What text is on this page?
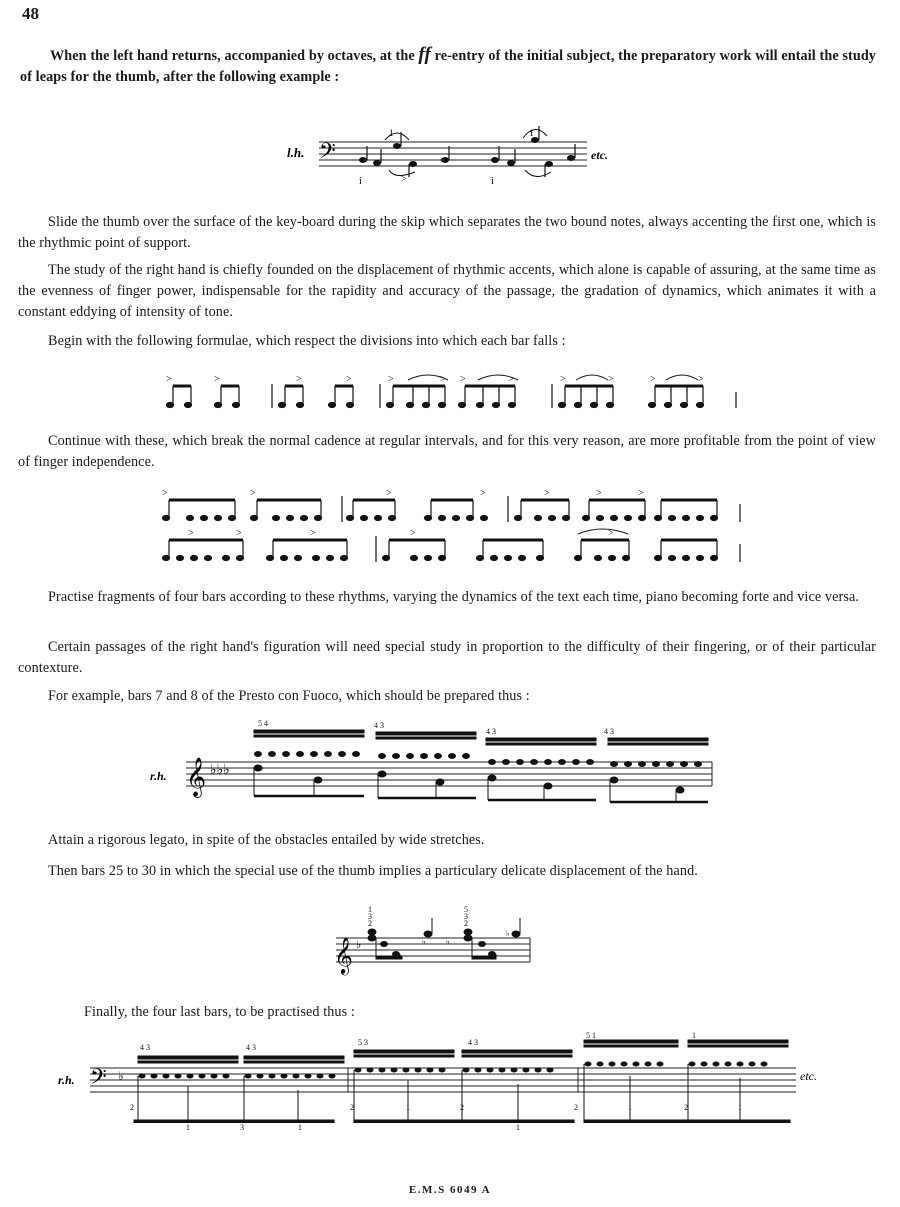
48
When the left hand returns, accompanied by octaves, at the ff re-entry of the initial subject, the preparatory work will entail the study of leaps for the thumb, after the following example :
l.h. 𝄢
1	1
i	i
>
etc.
Slide the thumb over the surface of the key-board during the skip which separates the two bound notes, always accenting the first one, which is the rhythmic point of support.
The study of the right hand is chiefly founded on the displacement of rhythmic accents, which alone is capable of assuring, at the same time as the evenness of finger power, indispensable for the rapidity and accuracy of the passage, the gradation of dynamics, which animates it with a constant eddying of intensity of tone.
Begin with the following formulae, which respect the divisions into which each bar falls :
>	>	>	>	>	> >	>	>	>	>	>
Continue with these, which break the normal cadence at regular intervals, and for this very reason, are more profitable from the point of view of finger independence.
>	>	>	>	>	>	>
>	>	>	>	>
Practise fragments of four bars according to these rhythms, varying the dynamics of the text each time, piano becoming forte and vice versa.
Certain passages of the right hand's figuration will need special study in proportion to the difficulty of their fingering, or of their particular contexture.
For example, bars 7 and 8 of the Presto con Fuoco, which should be prepared thus :
r.h. 𝄞 ♭♭♭
5 4	4 3
4 3	4 3
Attain a rigorous legato, in spite of the obstacles entailed by wide stretches.
Then bars 25 to 30 in which the special use of the thumb implies a particulary delicate displacement of the hand.
𝄞 ♭
1
3
2
5
3
2
♭	♭
♭
Finally, the four last bars, to be practised thus :
r.h. 𝄢 ♭
4 3	4 3
5 3	4 3
5 1	1
2
1	3	1
2	1	2
1
2	1	2	1
etc.
E.M.S 6049 A
